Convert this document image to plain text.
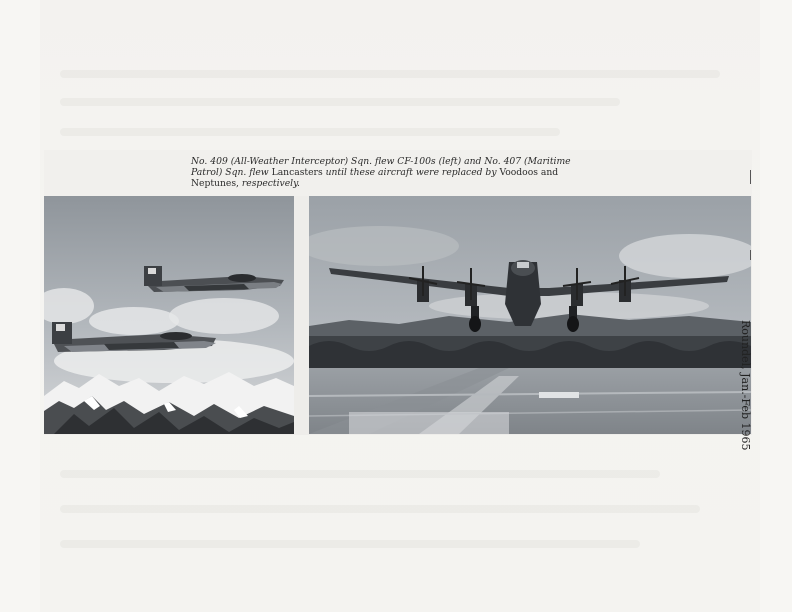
No. 409 (All-Weather Interceptor) Sqn. flew CF-100s (left) and No. 407 (Maritime
Patrol) Sqn. flew Lancasters until these aircraft were replaced by Voodoos and
Neptunes, respectively.
Roundel, Jan.-Feb 1965
